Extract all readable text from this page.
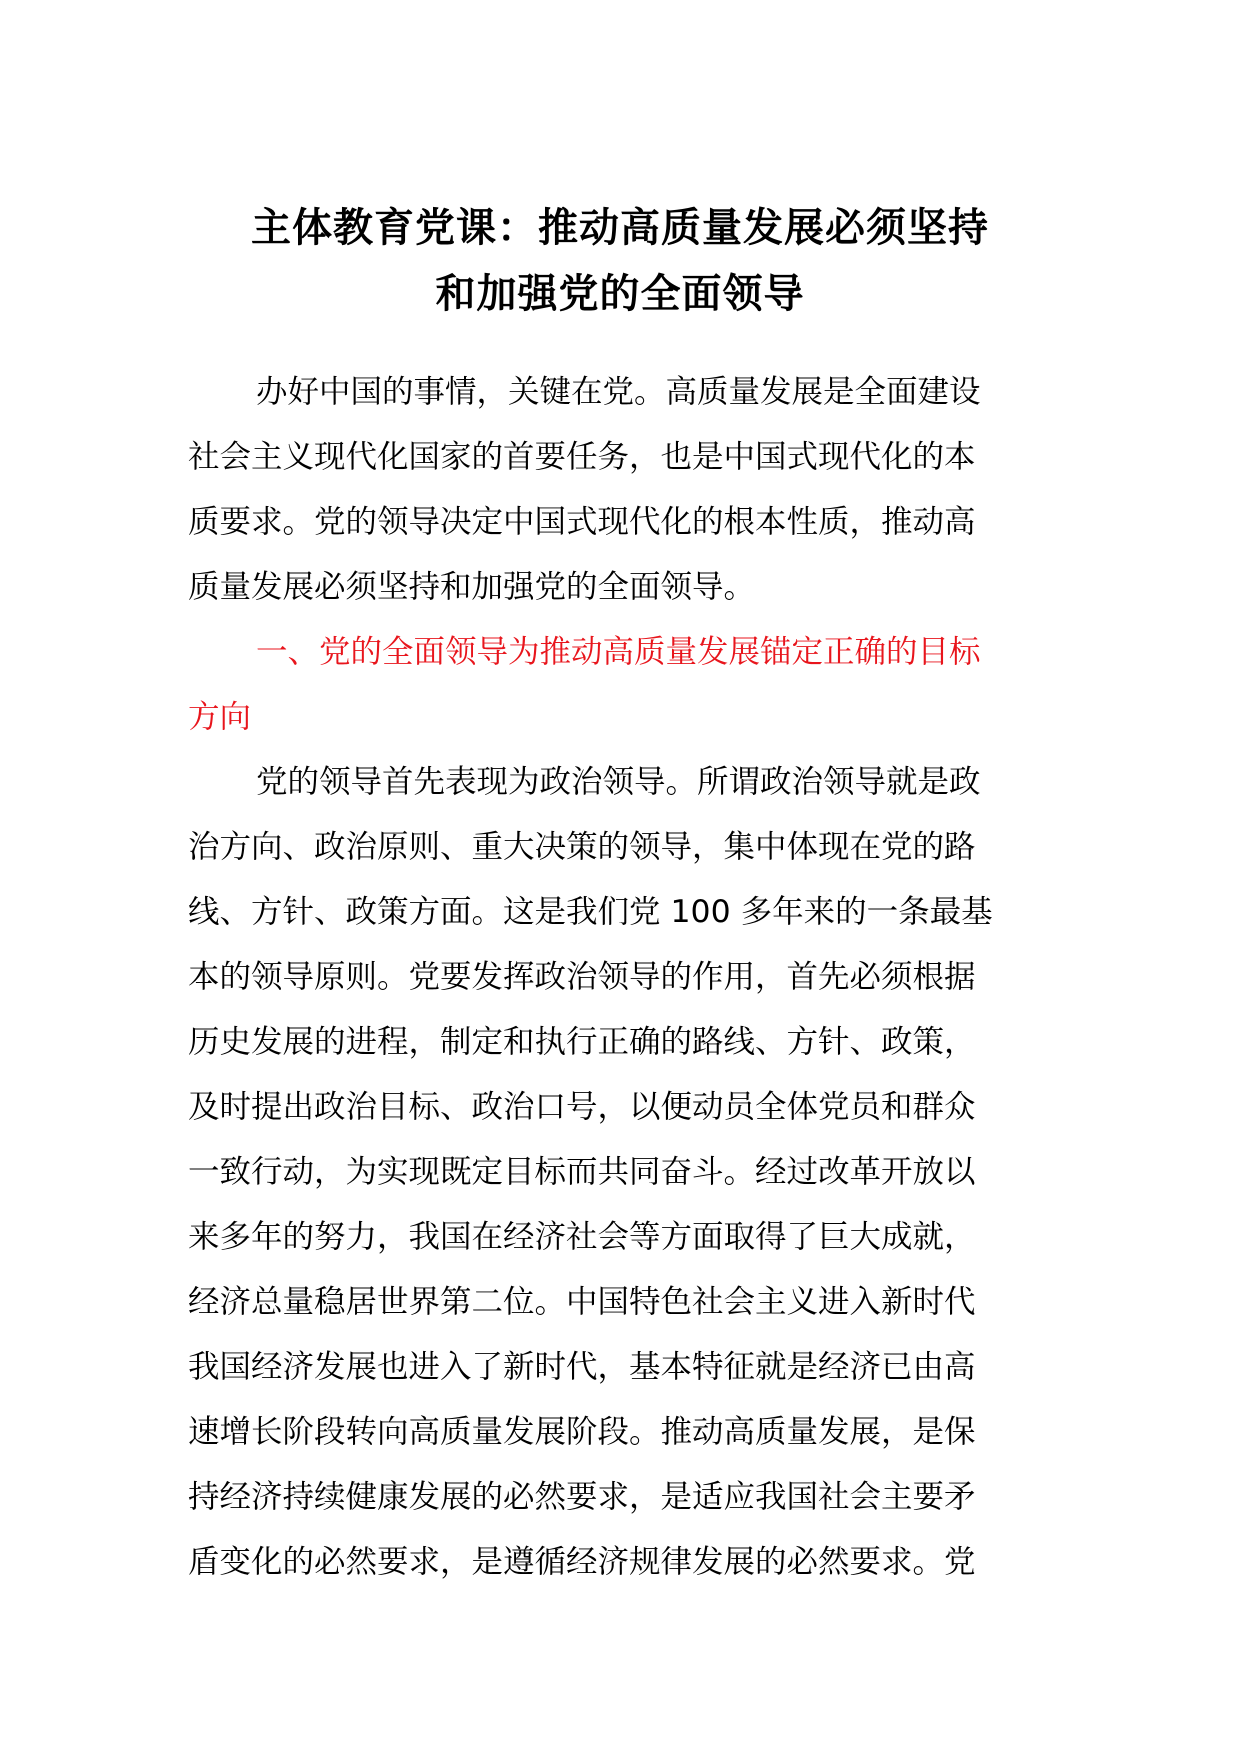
主体教育党课：推动高质量发展必须坚持
和加强党的全面领导
办好中国的事情，关键在党。高质量发展是全面建设
社会主义现代化国家的首要任务，也是中国式现代化的本
质要求。党的领导决定中国式现代化的根本性质，推动高
质量发展必须坚持和加强党的全面领导。
一、党的全面领导为推动高质量发展锚定正确的目标
方向
党的领导首先表现为政治领导。所谓政治领导就是政
治方向、政治原则、重大决策的领导，集中体现在党的路
线、方针、政策方面。这是我们党 100 多年来的一条最基
本的领导原则。党要发挥政治领导的作用，首先必须根据
历史发展的进程，制定和执行正确的路线、方针、政策，
及时提出政治目标、政治口号，以便动员全体党员和群众
一致行动，为实现既定目标而共同奋斗。经过改革开放以
来多年的努力，我国在经济社会等方面取得了巨大成就，
经济总量稳居世界第二位。中国特色社会主义进入新时代
我国经济发展也进入了新时代，基本特征就是经济已由高
速增长阶段转向高质量发展阶段。推动高质量发展，是保
持经济持续健康发展的必然要求，是适应我国社会主要矛
盾变化的必然要求，是遵循经济规律发展的必然要求。党
